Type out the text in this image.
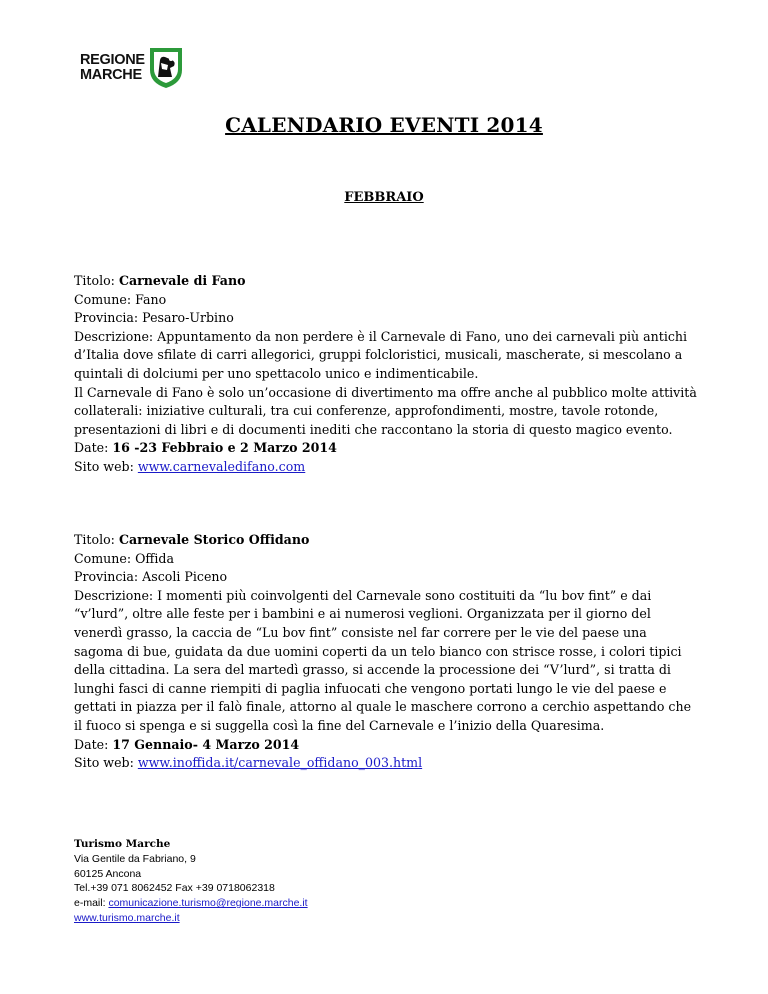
REGIONE
MARCHE
CALENDARIO EVENTI 2014
FEBBRAIO

Titolo: Carnevale di Fano

Comune: Fano

Provincia: Pesaro-Urbino

Descrizione: Appuntamento da non perdere è il Carnevale di Fano, uno dei carnevali più antichi d’Italia dove sfilate di carri allegorici, gruppi folcloristici, musicali, mascherate, si mescolano a quintali di dolciumi per uno spettacolo unico e indimenticabile.

Il Carnevale di Fano è solo un’occasione di divertimento ma offre anche al pubblico molte attività collaterali: iniziative culturali, tra cui conferenze, approfondimenti, mostre, tavole rotonde, presentazioni di libri e di documenti inediti che raccontano la storia di questo magico evento.

Date: 16 -23 Febbraio e 2 Marzo 2014

Sito web: www.carnevaledifano.com

Titolo: Carnevale Storico Offidano

Comune: Offida

Provincia: Ascoli Piceno

Descrizione: I momenti più coinvolgenti del Carnevale sono costituiti da “lu bov fint” e dai “v’lurd”, oltre alle feste per i bambini e ai numerosi veglioni. Organizzata per il giorno del venerdì grasso, la caccia de “Lu bov fint” consiste nel far correre per le vie del paese una sagoma di bue, guidata da due uomini coperti da un telo bianco con strisce rosse, i colori tipici della cittadina. La sera del martedì grasso, si accende la processione dei “V’lurd”, si tratta di lunghi fasci di canne riempiti di paglia infuocati che vengono portati lungo le vie del paese e gettati in piazza per il falò finale, attorno al quale le maschere corrono a cerchio aspettando che il fuoco si spenga e si suggella così la fine del Carnevale e l’inizio della Quaresima.

Date: 17 Gennaio- 4 Marzo 2014

Sito web: www.inoffida.it/carnevale_offidano_003.html

Turismo Marche

Via Gentile da Fabriano, 9

60125 Ancona

Tel.+39 071 8062452 Fax +39 0718062318

e-mail: comunicazione.turismo@regione.marche.it

www.turismo.marche.it
